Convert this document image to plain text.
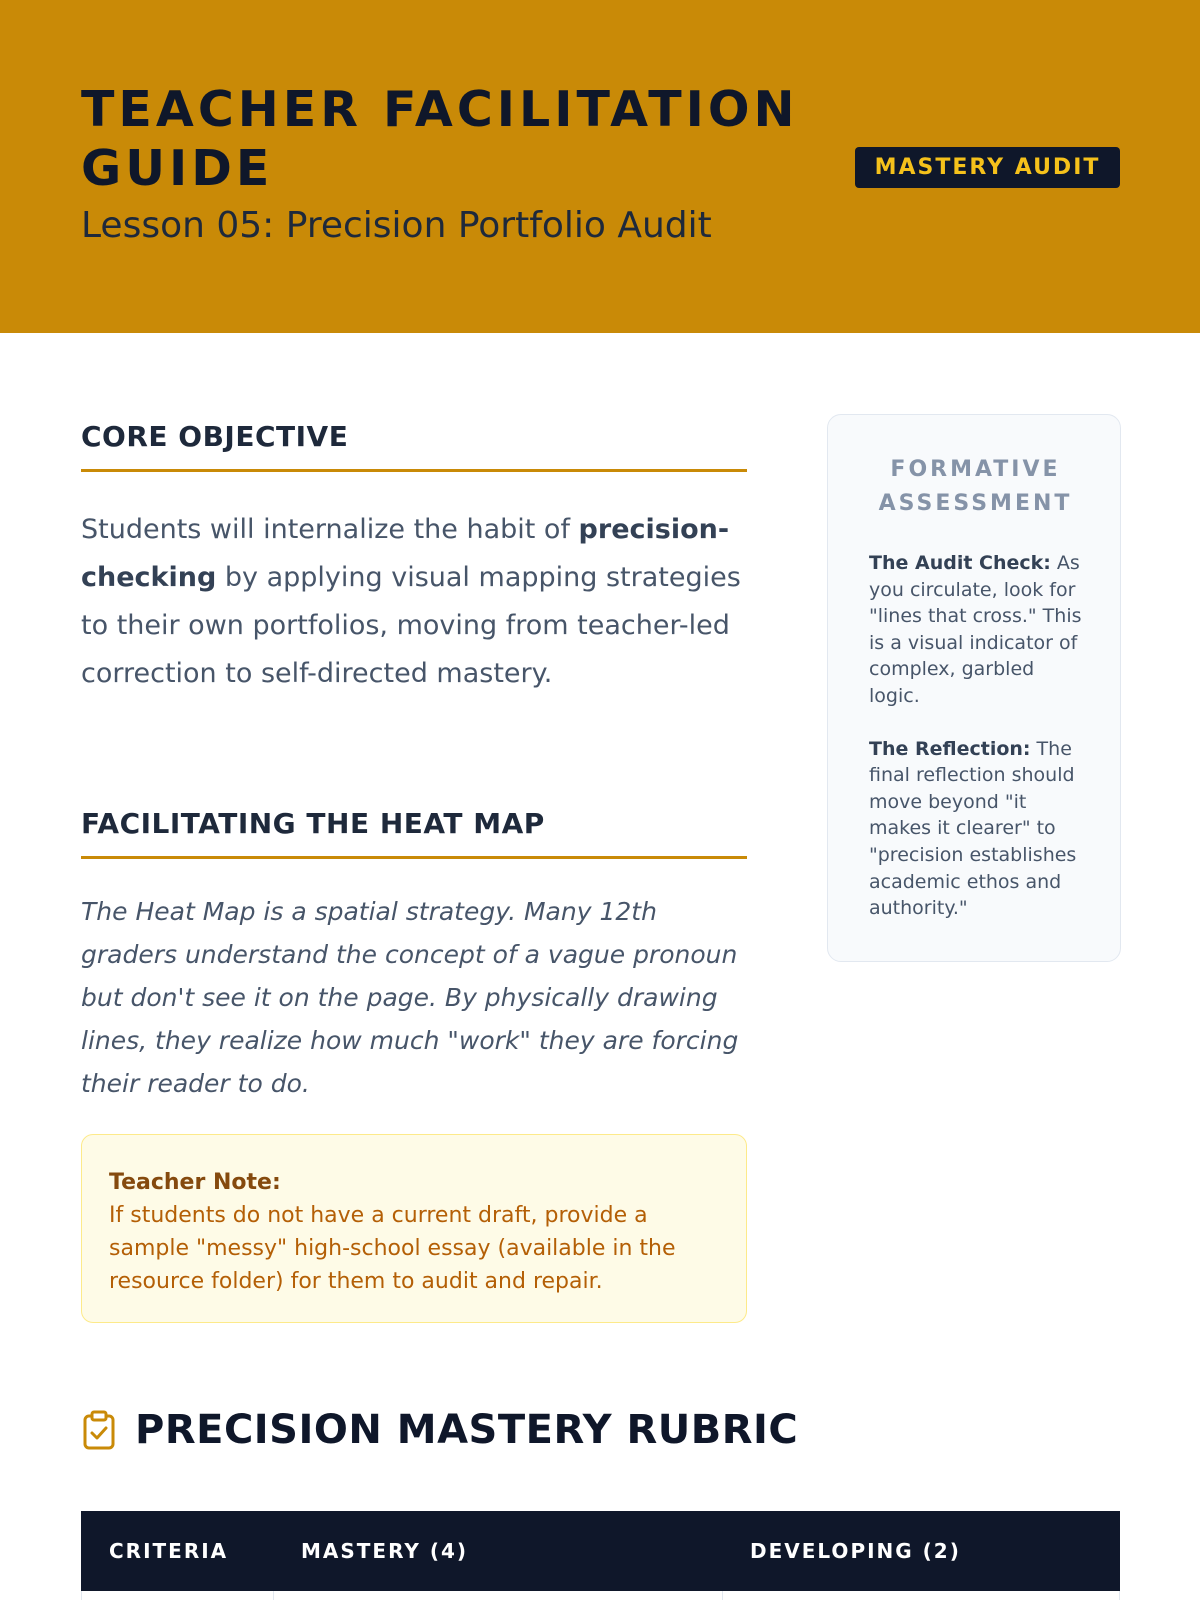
TEACHER FACILITATION GUIDE
Lesson 05: Precision Portfolio Audit
MASTERY AUDIT
CORE OBJECTIVE

Students will internalize the habit of precision-checking by applying visual mapping strategies to their own portfolios, moving from teacher-led correction to self-directed mastery.

FACILITATING THE HEAT MAP

The Heat Map is a spatial strategy. Many 12th graders understand the concept of a vague pronoun but don't see it on the page. By physically drawing lines, they realize how much "work" they are forcing their reader to do.

Teacher Note:
If students do not have a current draft, provide a sample "messy" high-school essay (available in the resource folder) for them to audit and repair.
FORMATIVE ASSESSMENT

The Audit Check: As you circulate, look for "lines that cross." This is a visual indicator of complex, garbled logic.

The Reflection: The final reflection should move beyond "it makes it clearer" to "precision establishes academic ethos and authority."

PRECISION MASTERY RUBRIC
CRITERIA	MASTERY (4)	DEVELOPING (2)
